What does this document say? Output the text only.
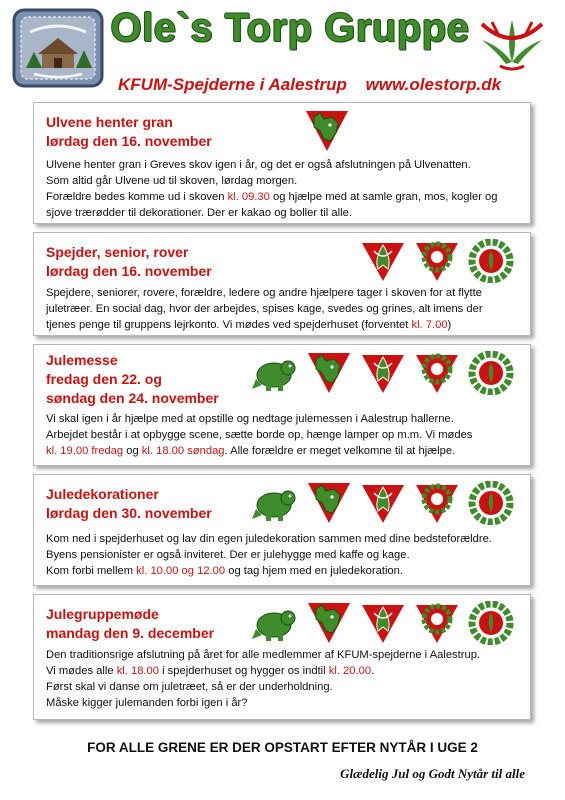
Ole`s Torp Gruppe
KFUM-Spejderne i Aalestrup www.olestorp.dk
Ulvene henter gran
lørdag den 16. november
Ulvene henter gran i Greves skov igen i år, og det er også afslutningen på Ulvenatten.
Som altid går Ulvene ud til skoven, lørdag morgen.
Forældre bedes komme ud i skoven kl. 09.30 og hjælpe med at samle gran, mos, kogler og
sjove trærødder til dekorationer. Der er kakao og boller til alle.
Spejder, senior, rover
lørdag den 16. november
Spejdere, seniorer, rovere, forældre, ledere og andre hjælpere tager i skoven for at flytte
juletræer. En social dag, hvor der arbejdes, spises kage, svedes og grines, alt imens der
tjenes penge til gruppens lejrkonto. Vi mødes ved spejderhuset (forventet kl. 7.00)
Julemesse
fredag den 22. og
søndag den 24. november
Vi skal igen i år hjælpe med at opstille og nedtage julemessen i Aalestrup hallerne.
Arbejdet består i at opbygge scene, sætte borde op, hænge lamper op m.m. Vi mødes
kl. 19.00 fredag og kl. 18.00 søndag. Alle forældre er meget velkomne til at hjælpe.
Juledekorationer
lørdag den 30. november
Kom ned i spejderhuset og lav din egen juledekoration sammen med dine bedsteforældre.
Byens pensionister er også inviteret. Der er julehygge med kaffe og kage.
Kom forbi mellem kl. 10.00 og 12.00 og tag hjem med en juledekoration.
Julegruppemøde
mandag den 9. december
Den traditionsrige afslutning på året for alle medlemmer af KFUM-spejderne i Aalestrup.
Vi mødes alle kl. 18.00 i spejderhuset og hygger os indtil kl. 20.00.
Først skal vi danse om juletræet, så er der underholdning.
Måske kigger julemanden forbi igen i år?
FOR ALLE GRENE ER DER OPSTART EFTER NYTÅR I UGE 2
Glædelig Jul og Godt Nytår til alle
